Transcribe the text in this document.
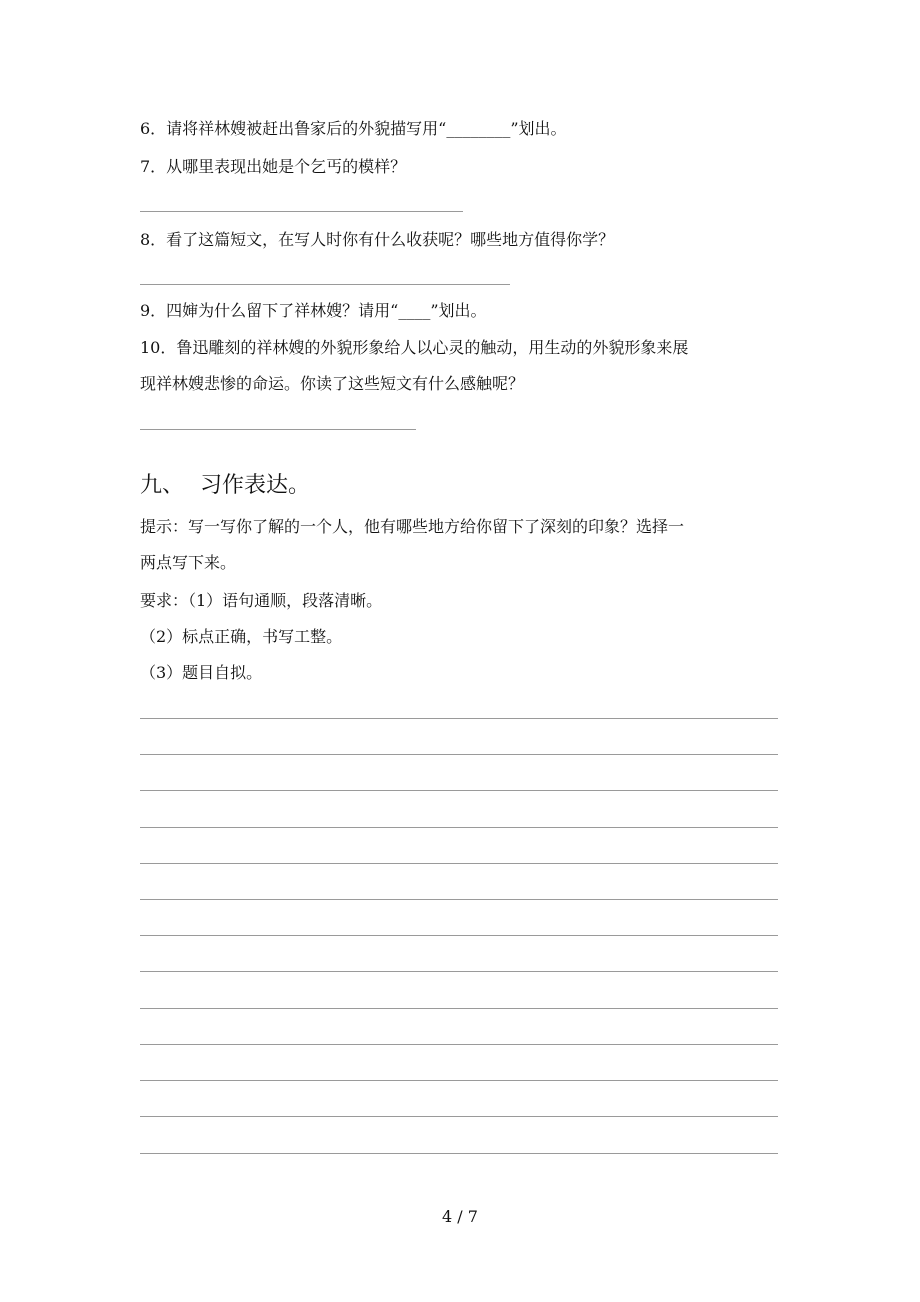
6．请将祥林嫂被赶出鲁家后的外貌描写用“________”划出。
7．从哪里表现出她是个乞丐的模样？
8．看了这篇短文，在写人时你有什么收获呢？哪些地方值得你学？
9．四婶为什么留下了祥林嫂？请用“____”划出。
10．鲁迅雕刻的祥林嫂的外貌形象给人以心灵的触动，用生动的外貌形象来展
现祥林嫂悲惨的命运。你读了这些短文有什么感触呢？
九、 习作表达。
提示：写一写你了解的一个人，他有哪些地方给你留下了深刻的印象？选择一
两点写下来。
要求：（1）语句通顺，段落清晰。
（2）标点正确，书写工整。
（3）题目自拟。
4 / 7
